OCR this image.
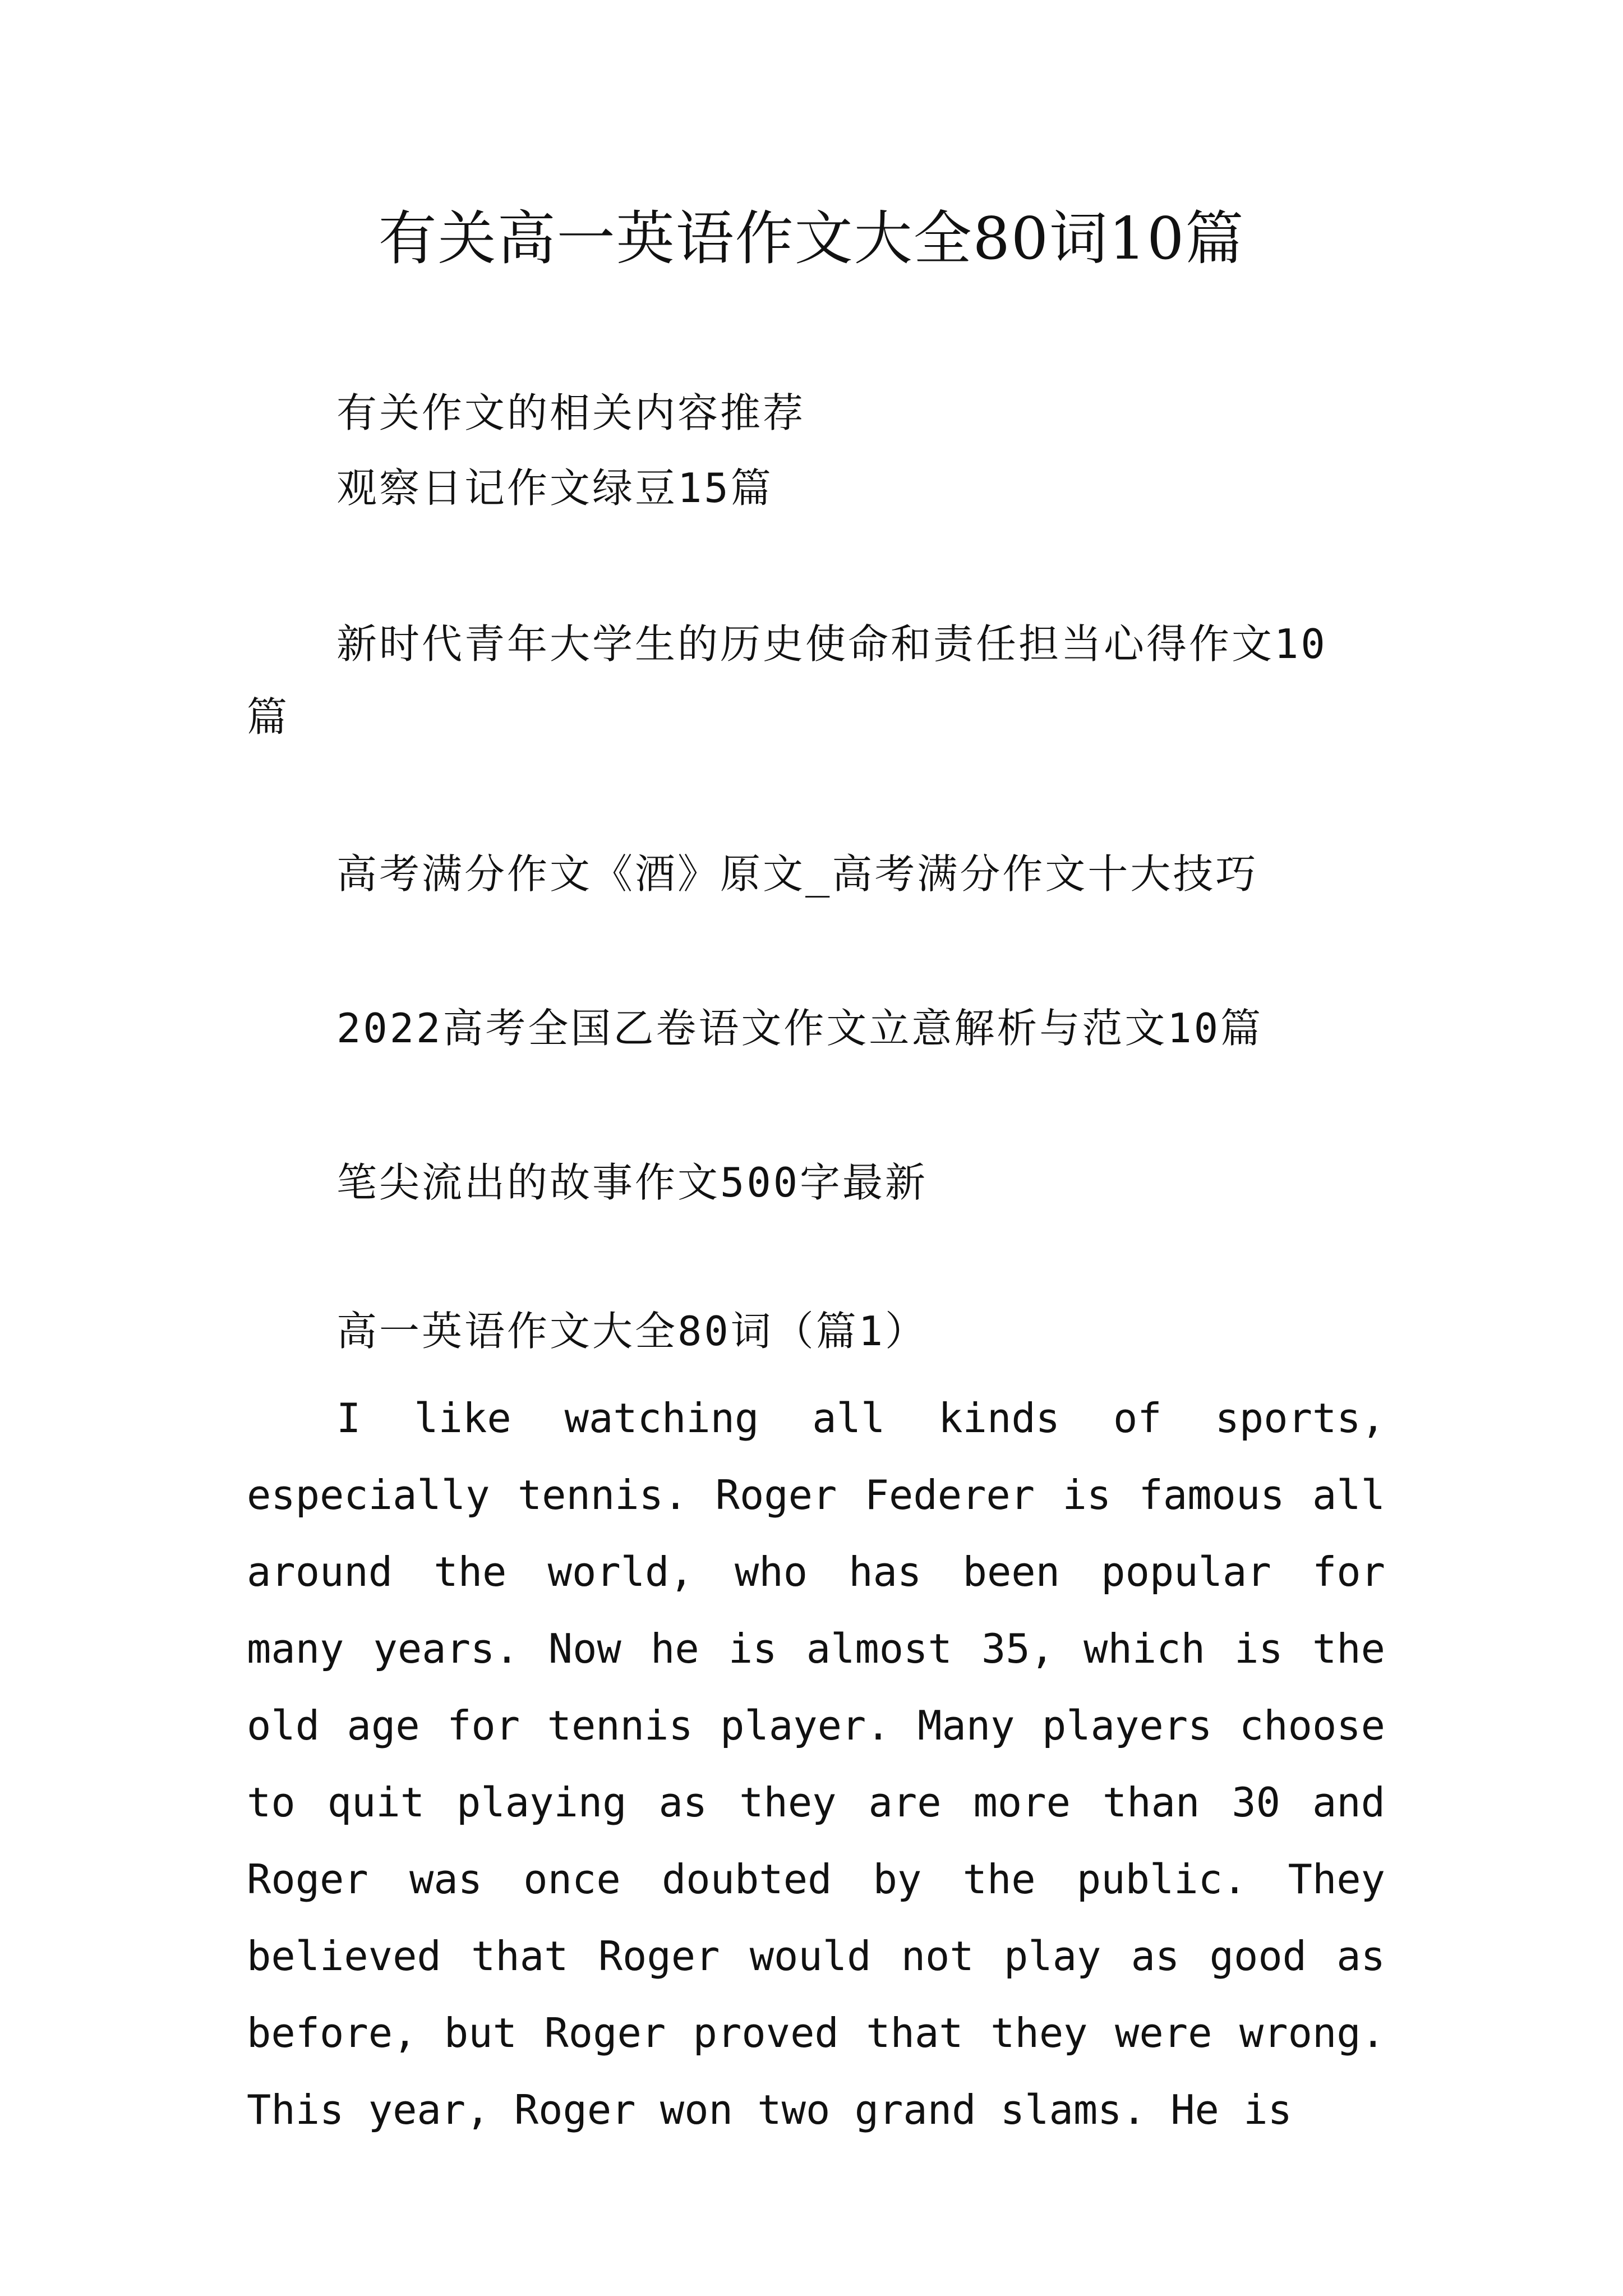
有关高一英语作文大全80词10篇
有关作文的相关内容推荐
观察日记作文绿豆15篇
新时代青年大学生的历史使命和责任担当心得作文10
篇
高考满分作文《酒》原文_高考满分作文十大技巧
2022高考全国乙卷语文作文立意解析与范文10篇
笔尖流出的故事作文500字最新
高一英语作文大全80词（篇1）

I like watching all kinds of sports, especially tennis. Roger Federer is famous all around the world, who has been popular for many years. Now he is almost 35, which is the old age for tennis player. Many players choose to quit playing as they are more than 30 and Roger was once doubted by the public. They believed that Roger would not play as good as before, but Roger proved that they were wrong. This year, Roger won two grand slams. He is
